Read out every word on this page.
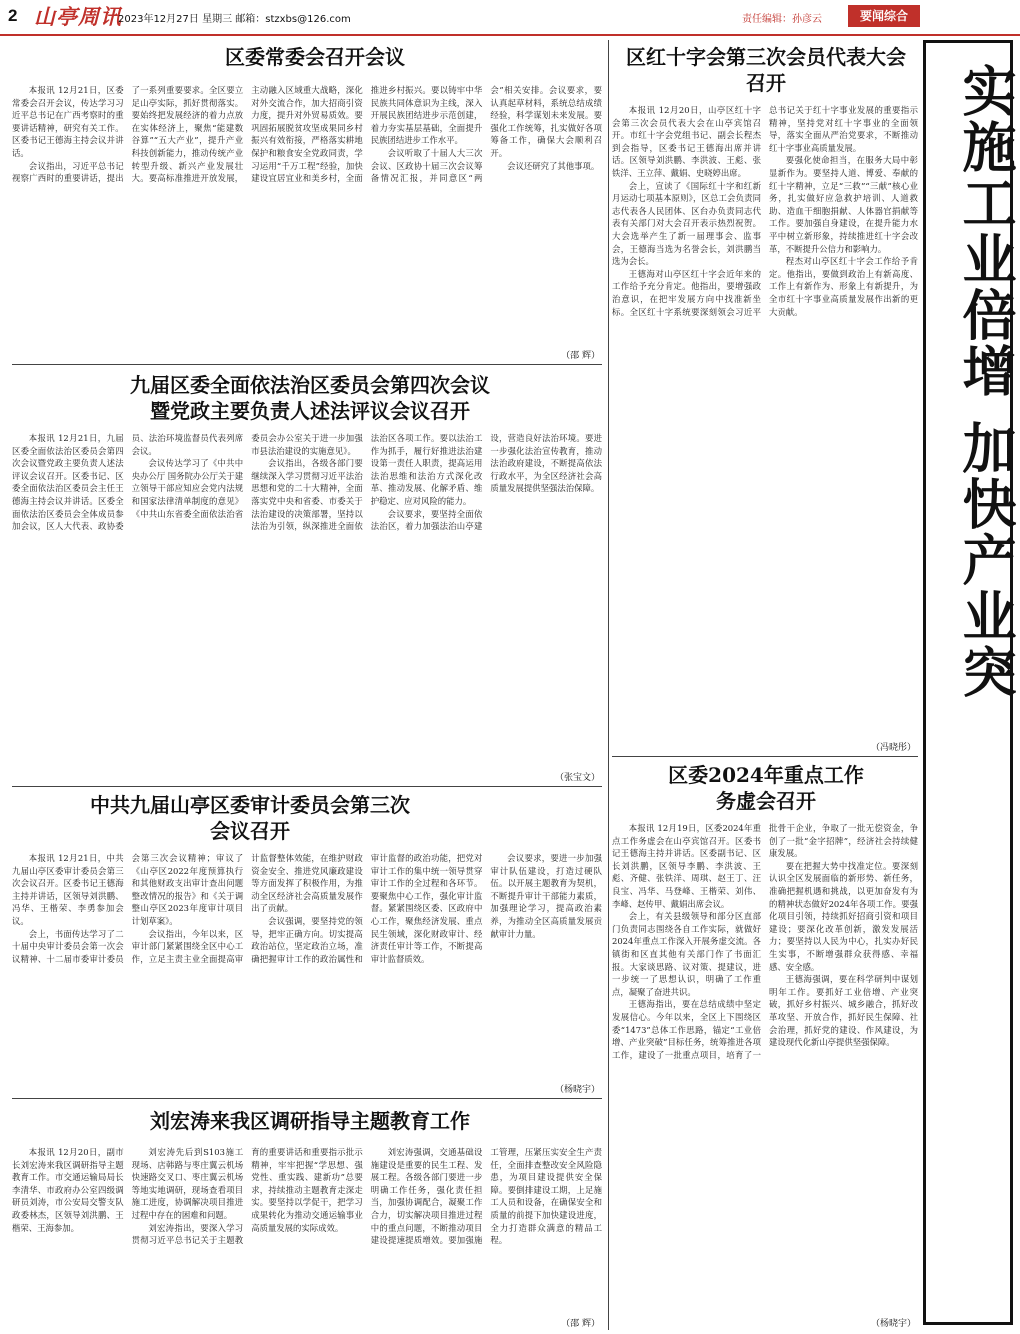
2 山亭周讯
2023年12月27日 星期三 邮箱：stzxbs@126.com	责任编辑：孙彦云	要闻综合
区委常委会召开会议

本报讯 12月21日，区委常委会召开会议，传达学习习近平总书记在广西考察时的重要讲话精神，研究有关工作。区委书记王德海主持会议并讲话。

会议指出，习近平总书记视察广西时的重要讲话，提出了一系列重要要求。全区要立足山亭实际，抓好贯彻落实。要始终把发展经济的着力点放在实体经济上，聚焦“能建数谷算”“五大产业”，提升产业科技创新能力，推动传统产业转型升级、新兴产业发展壮大。要高标准推进开放发展，主动融入区域重大战略，深化对外交流合作，加大招商引资力度，提升对外贸易质效。要巩固拓展脱贫攻坚成果同乡村振兴有效衔接，严格落实耕地保护和粮食安全党政同责，学习运用“千万工程”经验，加快建设宜居宜业和美乡村，全面推进乡村振兴。要以铸牢中华民族共同体意识为主线，深入开展民族团结进步示范创建，着力夯实基层基础，全面提升民族团结进步工作水平。

会议听取了十届人大三次会议、区政协十届三次会议筹备情况汇报，并同意区“两会”相关安排。会议要求，要认真起草材料，系统总结成绩经验，科学谋划未来发展。要强化工作统筹，扎实做好各项筹备工作，确保大会顺利召开。

会议还研究了其他事项。

（邵 辉）
区红十字会第三次会员代表大会召开

本报讯 12月20日，山亭区红十字会第三次会员代表大会在山亭宾馆召开。市红十字会党组书记、副会长程杰到会指导，区委书记王德海出席并讲话。区领导刘洪鹏、李洪波、王彪、张铁洋、王立萍、戴娟、史晓婷出席。

会上，宣读了《国际红十字和红新月运动七项基本原则》，区总工会负责同志代表各人民团体、区台办负责同志代表有关部门对大会召开表示热烈祝贺。大会选举产生了新一届理事会、监事会，王德海当选为名誉会长，刘洪鹏当选为会长。

王德海对山亭区红十字会近年来的工作给予充分肯定。他指出，要增强政治意识，在把牢发展方向中找准新坐标。全区红十字系统要深刻领会习近平总书记关于红十字事业发展的重要指示精神，坚持党对红十字事业的全面领导，落实全面从严治党要求，不断推动红十字事业高质量发展。

要强化使命担当，在服务大局中彰显新作为。要坚持人道、博爱、奉献的红十字精神，立足“三救”“三献”核心业务，扎实做好应急救护培训、人道救助、造血干细胞捐献、人体器官捐献等工作。要加强自身建设，在提升能力水平中树立新形象，持续推进红十字会改革，不断提升公信力和影响力。

程杰对山亭区红十字会工作给予肯定。他指出，要做到政治上有新高度、工作上有新作为、形象上有新提升，为全市红十字事业高质量发展作出新的更大贡献。

（冯晓彤）
九届区委全面依法治区委员会第四次会议
暨党政主要负责人述法评议会议召开

本报讯 12月21日，九届区委全面依法治区委员会第四次会议暨党政主要负责人述法评议会议召开。区委书记、区委全面依法治区委员会主任王德海主持会议并讲话。区委全面依法治区委员会全体成员参加会议，区人大代表、政协委员、法治环境监督员代表列席会议。

会议传达学习了《中共中央办公厅 国务院办公厅关于建立领导干部应知应会党内法规和国家法律清单制度的意见》《中共山东省委全面依法治省委员会办公室关于进一步加强市县法治建设的实施意见》。

会议指出，各级各部门要继续深入学习贯彻习近平法治思想和党的二十大精神，全面落实党中央和省委、市委关于法治建设的决策部署，坚持以法治为引领，纵深推进全面依法治区各项工作。要以法治工作为抓手，履行好推进法治建设第一责任人职责，提高运用法治思维和法治方式深化改革、推动发展、化解矛盾、维护稳定、应对风险的能力。

会议要求，要坚持全面依法治区，着力加强法治山亭建设，营造良好法治环境。要进一步强化法治宣传教育，推动法治政府建设，不断提高依法行政水平，为全区经济社会高质量发展提供坚强法治保障。

（张宝文）
中共九届山亭区委审计委员会第三次
会议召开

本报讯 12月21日，中共九届山亭区委审计委员会第三次会议召开。区委书记王德海主持并讲话，区领导刘洪鹏、冯华、王楷荣、李勇参加会议。

会上，书面传达学习了二十届中央审计委员会第一次会议精神、十二届市委审计委员会第三次会议精神；审议了《山亭区2022年度预算执行和其他财政支出审计查出问题整改情况的报告》和《关于调整山亭区2023年度审计项目计划草案》。

会议指出，今年以来，区审计部门紧紧围绕全区中心工作，立足主责主业全面提高审计监督整体效能，在维护财政资金安全、推进党风廉政建设等方面发挥了积极作用，为推动全区经济社会高质量发展作出了贡献。

会议强调，要坚持党的领导，把牢正确方向。切实提高政治站位，坚定政治立场，准确把握审计工作的政治属性和审计监督的政治功能，把党对审计工作的集中统一领导贯穿审计工作的全过程和各环节。要聚焦中心工作，强化审计监督。紧紧围绕区委、区政府中心工作，聚焦经济发展、重点民生领域，深化财政审计、经济责任审计等工作，不断提高审计监督质效。

会议要求，要进一步加强审计队伍建设，打造过硬队伍。以开展主题教育为契机，不断提升审计干部能力素质，加强理论学习，提高政治素养，为推动全区高质量发展贡献审计力量。

（杨晓宇）
区委2024年重点工作
务虚会召开

本报讯 12月19日，区委2024年重点工作务虚会在山亭宾馆召开。区委书记王德海主持并讲话。区委副书记、区长刘洪鹏，区领导李鹏、李洪波、王彪、齐健、张铁洋、周琪、赵王丁、汪良宝、冯华、马登峰、王楷荣、刘伟、李峰、赵传甲、戴娟出席会议。

会上，有关县级领导和部分区直部门负责同志围绕各自工作实际，就做好2024年重点工作深入开展务虚交流。各镇街和区直其他有关部门作了书面汇报。大家谈思路、议对策、提建议，进一步统一了思想认识，明确了工作重点，凝聚了奋进共识。

王德海指出，要在总结成绩中坚定发展信心。今年以来，全区上下围绕区委“1473”总体工作思路，锚定“工业倍增、产业突破”目标任务，统筹推进各项工作，建设了一批重点项目，培育了一批骨干企业，争取了一批无偿资金，争创了一批“金字招牌”，经济社会持续健康发展。

要在把握大势中找准定位。要深刻认识全区发展面临的新形势、新任务，准确把握机遇和挑战，以更加奋发有为的精神状态做好2024年各项工作。要强化项目引领，持续抓好招商引资和项目建设；要深化改革创新，激发发展活力；要坚持以人民为中心，扎实办好民生实事，不断增强群众获得感、幸福感、安全感。

王德海强调，要在科学研判中谋划明年工作。要抓好工业倍增、产业突破，抓好乡村振兴、城乡融合，抓好改革攻坚、开放合作，抓好民生保障、社会治理，抓好党的建设、作风建设，为建设现代化新山亭提供坚强保障。

（杨晓宇）
刘宏涛来我区调研指导主题教育工作

本报讯 12月20日，副市长刘宏涛来我区调研指导主题教育工作。市交通运输局局长李清华、市政府办公室四级调研员刘涛，市公安局交警支队政委林杰，区领导刘洪鹏、王楷荣、王海参加。

刘宏涛先后到S103施工现场、店韩路与枣庄翼云机场快速路交叉口、枣庄翼云机场等地实地调研，现场查看项目施工进度，协调解决项目推进过程中存在的困难和问题。

刘宏涛指出，要深入学习贯彻习近平总书记关于主题教育的重要讲话和重要指示批示精神，牢牢把握“学思想、强党性、重实践、建新功”总要求，持续推动主题教育走深走实。要坚持以学促干，把学习成果转化为推动交通运输事业高质量发展的实际成效。

刘宏涛强调，交通基础设施建设是重要的民生工程、发展工程。各级各部门要进一步明确工作任务，强化责任担当，加强协调配合，凝聚工作合力，切实解决项目推进过程中的重点问题，不断推动项目建设提速提质增效。要加强施工管理，压紧压实安全生产责任，全面排查整改安全风险隐患，为项目建设提供安全保障。要倒排建设工期，上足施工人员和设备，在确保安全和质量的前提下加快建设进度，全力打造群众满意的精品工程。

（邵 辉）
实施工业倍增 加快产业突
